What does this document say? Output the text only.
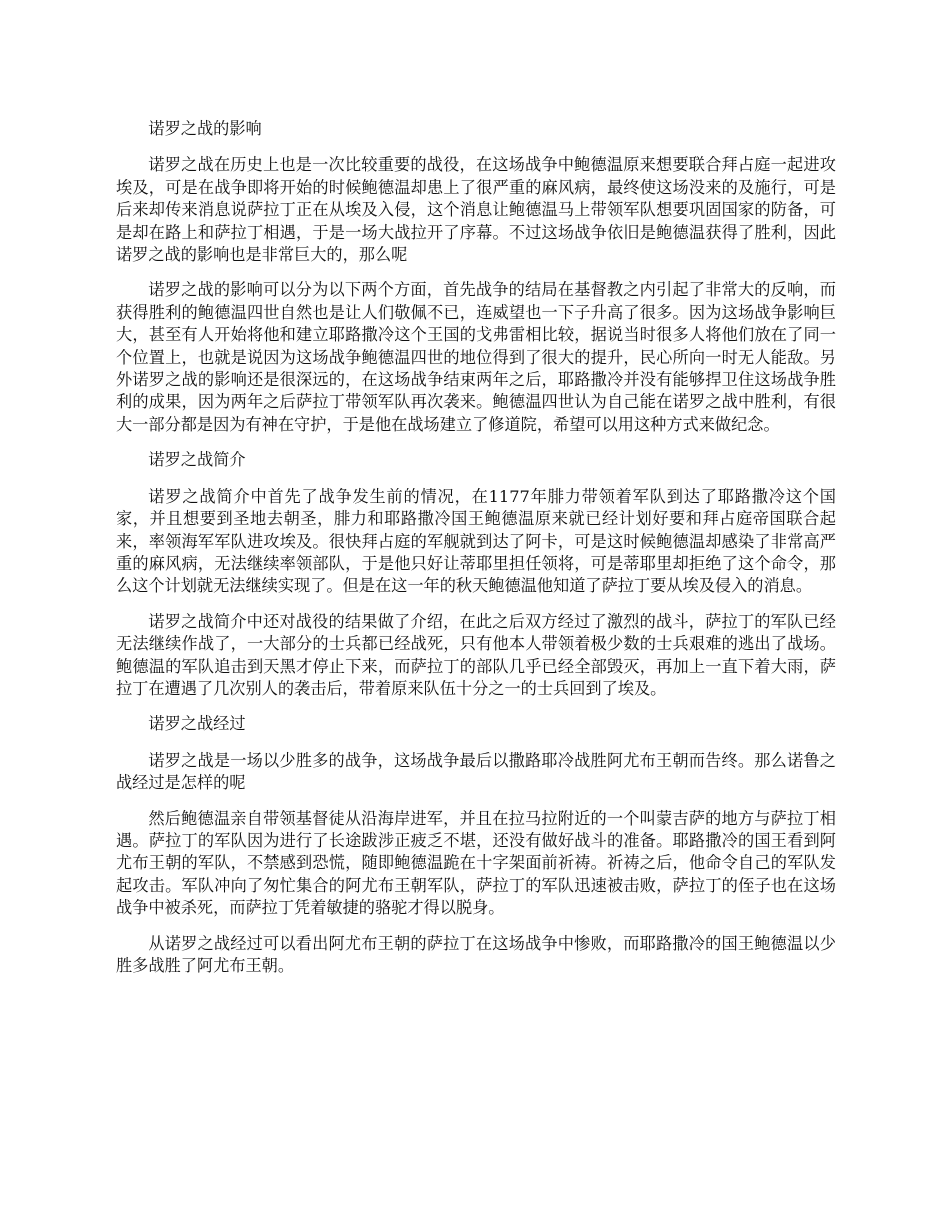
诺罗之战的影响

诺罗之战在历史上也是一次比较重要的战役，在这场战争中鲍德温原来想要联合拜占庭一起进攻埃及，可是在战争即将开始的时候鲍德温却患上了很严重的麻风病，最终使这场没来的及施行，可是后来却传来消息说萨拉丁正在从埃及入侵，这个消息让鲍德温马上带领军队想要巩固国家的防备，可是却在路上和萨拉丁相遇，于是一场大战拉开了序幕。不过这场战争依旧是鲍德温获得了胜利，因此诺罗之战的影响也是非常巨大的，那么呢

诺罗之战的影响可以分为以下两个方面，首先战争的结局在基督教之内引起了非常大的反响，而获得胜利的鲍德温四世自然也是让人们敬佩不已，连威望也一下子升高了很多。因为这场战争影响巨大，甚至有人开始将他和建立耶路撒冷这个王国的戈弗雷相比较，据说当时很多人将他们放在了同一个位置上，也就是说因为这场战争鲍德温四世的地位得到了很大的提升，民心所向一时无人能敌。另外诺罗之战的影响还是很深远的，在这场战争结束两年之后，耶路撒冷并没有能够捍卫住这场战争胜利的成果，因为两年之后萨拉丁带领军队再次袭来。鲍德温四世认为自己能在诺罗之战中胜利，有很大一部分都是因为有神在守护，于是他在战场建立了修道院，希望可以用这种方式来做纪念。

诺罗之战简介

诺罗之战简介中首先了战争发生前的情况，在1177年腓力带领着军队到达了耶路撒冷这个国家，并且想要到圣地去朝圣，腓力和耶路撒冷国王鲍德温原来就已经计划好要和拜占庭帝国联合起来，率领海军军队进攻埃及。很快拜占庭的军舰就到达了阿卡，可是这时候鲍德温却感染了非常高严重的麻风病，无法继续率领部队，于是他只好让蒂耶里担任领将，可是蒂耶里却拒绝了这个命令，那么这个计划就无法继续实现了。但是在这一年的秋天鲍德温他知道了萨拉丁要从埃及侵入的消息。

诺罗之战简介中还对战役的结果做了介绍，在此之后双方经过了激烈的战斗，萨拉丁的军队已经无法继续作战了，一大部分的士兵都已经战死，只有他本人带领着极少数的士兵艰难的逃出了战场。鲍德温的军队追击到天黑才停止下来，而萨拉丁的部队几乎已经全部毁灭，再加上一直下着大雨，萨拉丁在遭遇了几次别人的袭击后，带着原来队伍十分之一的士兵回到了埃及。

诺罗之战经过

诺罗之战是一场以少胜多的战争，这场战争最后以撒路耶冷战胜阿尤布王朝而告终。那么诺鲁之战经过是怎样的呢

然后鲍德温亲自带领基督徒从沿海岸进军，并且在拉马拉附近的一个叫蒙吉萨的地方与萨拉丁相遇。萨拉丁的军队因为进行了长途跋涉正疲乏不堪，还没有做好战斗的准备。耶路撒冷的国王看到阿尤布王朝的军队，不禁感到恐慌，随即鲍德温跪在十字架面前祈祷。祈祷之后，他命令自己的军队发起攻击。军队冲向了匆忙集合的阿尤布王朝军队，萨拉丁的军队迅速被击败，萨拉丁的侄子也在这场战争中被杀死，而萨拉丁凭着敏捷的骆驼才得以脱身。

从诺罗之战经过可以看出阿尤布王朝的萨拉丁在这场战争中惨败，而耶路撒冷的国王鲍德温以少胜多战胜了阿尤布王朝。
